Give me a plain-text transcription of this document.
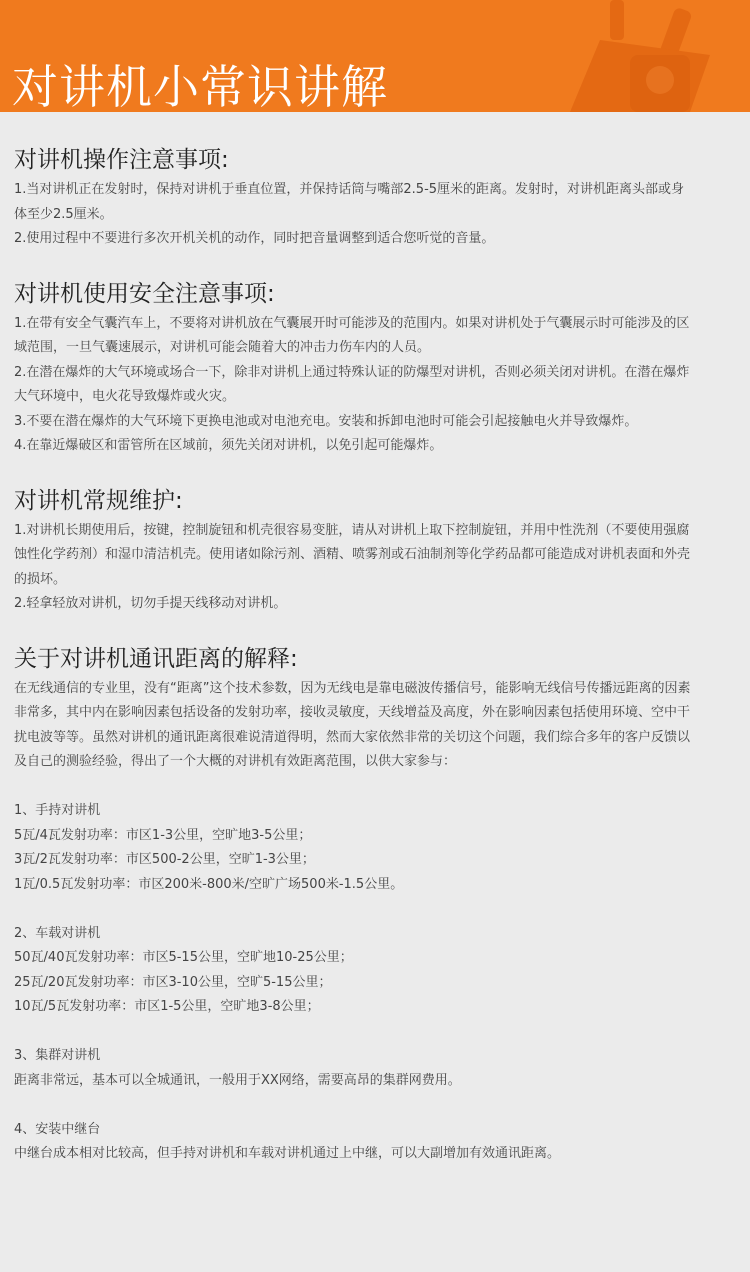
对讲机小常识讲解
对讲机操作注意事项:

1.当对讲机正在发射时，保持对讲机于垂直位置，并保持话筒与嘴部2.5-5厘米的距离。发射时，对讲机距离头部或身体至少2.5厘米。

2.使用过程中不要进行多次开机关机的动作，同时把音量调整到适合您听觉的音量。

对讲机使用安全注意事项:

1.在带有安全气囊汽车上，不要将对讲机放在气囊展开时可能涉及的范围内。如果对讲机处于气囊展示时可能涉及的区域范围，一旦气囊速展示，对讲机可能会随着大的冲击力伤车内的人员。

2.在潜在爆炸的大气环境或场合一下，除非对讲机上通过特殊认证的防爆型对讲机，否则必须关闭对讲机。在潜在爆炸大气环境中，电火花导致爆炸或火灾。

3.不要在潜在爆炸的大气环境下更换电池或对电池充电。安装和拆卸电池时可能会引起接触电火并导致爆炸。

4.在靠近爆破区和雷管所在区域前，须先关闭对讲机，以免引起可能爆炸。

对讲机常规维护:

1.对讲机长期使用后，按键，控制旋钮和机壳很容易变脏，请从对讲机上取下控制旋钮，并用中性洗剂（不要使用强腐蚀性化学药剂）和湿巾清洁机壳。使用诸如除污剂、酒精、喷雾剂或石油制剂等化学药品都可能造成对讲机表面和外壳的损坏。

2.轻拿轻放对讲机，切勿手提天线移动对讲机。

关于对讲机通讯距离的解释:

在无线通信的专业里，没有“距离”这个技术参数，因为无线电是靠电磁波传播信号，能影响无线信号传播远距离的因素非常多，其中内在影响因素包括设备的发射功率，接收灵敏度，天线增益及高度，外在影响因素包括使用环境、空中干扰电波等等。虽然对讲机的通讯距离很难说清道得明，然而大家依然非常的关切这个问题，我们综合多年的客户反馈以及自己的测验经验，得出了一个大概的对讲机有效距离范围，以供大家参与：

1、手持对讲机

5瓦/4瓦发射功率：市区1-3公里，空旷地3-5公里；

3瓦/2瓦发射功率：市区500-2公里，空旷1-3公里；

1瓦/0.5瓦发射功率：市区200米-800米/空旷广场500米-1.5公里。

2、车载对讲机

50瓦/40瓦发射功率：市区5-15公里，空旷地10-25公里；

25瓦/20瓦发射功率：市区3-10公里，空旷5-15公里；

10瓦/5瓦发射功率：市区1-5公里，空旷地3-8公里；

3、集群对讲机

距离非常远，基本可以全城通讯，一般用于XX网络，需要高昂的集群网费用。

4、安装中继台

中继台成本相对比较高，但手持对讲机和车载对讲机通过上中继，可以大副增加有效通讯距离。
